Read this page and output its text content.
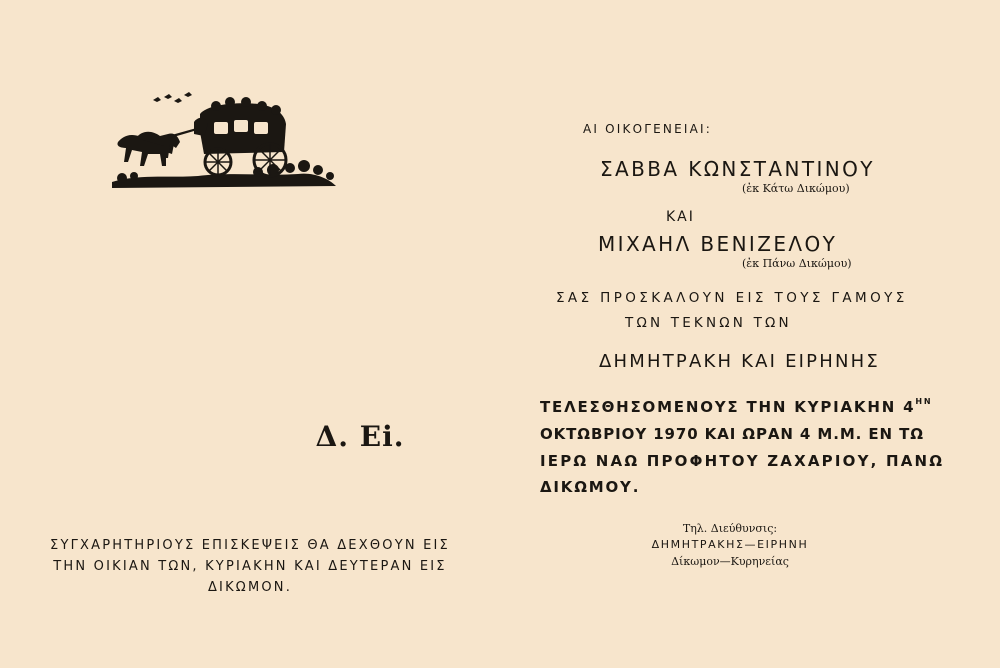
Δ. Εi.
ΣΥΓΧΑΡΗΤΗΡΙΟΥΣ ΕΠΙΣΚΕΨΕΙΣ ΘΑ ΔΕΧΘΟΥΝ ΕΙΣ
ΤΗΝ ΟΙΚΙΑΝ ΤΩΝ, ΚΥΡΙΑΚΗΝ ΚΑΙ ΔΕΥΤΕΡΑΝ ΕΙΣ
ΔΙΚΩΜΟΝ.
ΑΙ ΟΙΚΟΓΕΝΕΙΑΙ:
ΣΑΒΒΑ ΚΩΝΣΤΑΝΤΙΝΟΥ
(ἐκ Κάτω Δικώμου)
ΚΑΙ
ΜΙΧΑΗΛ ΒΕΝΙΖΕΛΟΥ
(ἐκ Πάνω Δικώμου)
ΣΑΣ ΠΡΟΣΚΑΛΟΥΝ ΕΙΣ ΤΟΥΣ ΓΑΜΟΥΣ
ΤΩΝ ΤΕΚΝΩΝ ΤΩΝ
ΔΗΜΗΤΡΑΚΗ ΚΑΙ ΕΙΡΗΝΗΣ
ΤΕΛΕΣΘΗΣΟΜΕΝΟΥΣ ΤΗΝ ΚΥΡΙΑΚΗΝ $4^{HN}$
ΟΚΤΩΒΡΙΟΥ 1970 ΚΑΙ ΩΡΑΝ 4 Μ.Μ. ΕΝ ΤΩ
ΙΕΡΩ ΝΑΩ ΠΡΟΦΗΤΟΥ ΖΑΧΑΡΙΟΥ, ΠΑΝΩ
ΔΙΚΩΜΟΥ.
Τηλ. Διεύθυνσις:
ΔΗΜΗΤΡΑΚΗΣ—ΕΙΡΗΝΗ
Δίκωμον—Κυρηνείας
